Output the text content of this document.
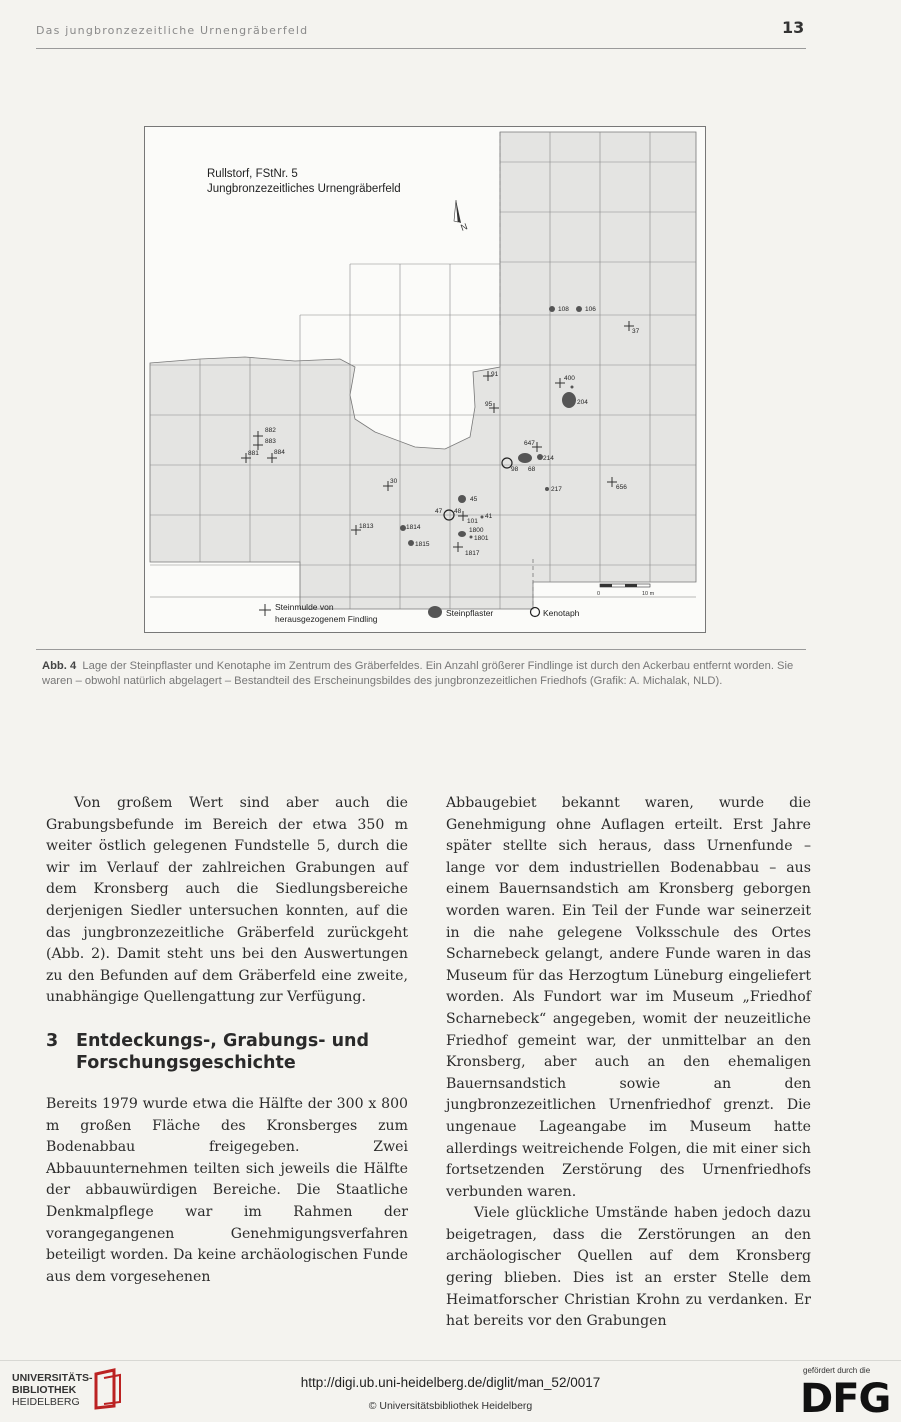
Das jungbronzezeitliche Urnengräberfeld	13
Rullstorf, FStNr. 5
Jungbronzezeitliches Urnengräberfeld
N
882
883
881 884
30
1813	1814
1815
45
47 48
101
41
1800
1801
1817
91
95
108 106
37
400
204
647
214
98 68
217	656
0	10 m
Steinmulde von
herausgezogenem Findling
Steinpflaster	Kenotaph
Abb. 4 Lage der Steinpflaster und Kenotaphe im Zentrum des Gräberfeldes. Ein Anzahl größerer Findlinge ist durch den Ackerbau entfernt worden. Sie waren – obwohl natürlich abgelagert – Bestandteil des Erscheinungsbildes des jungbronzezeitlichen Friedhofs (Grafik: A. Michalak, NLD).

Von großem Wert sind aber auch die Grabungsbefunde im Bereich der etwa 350 m weiter östlich gelegenen Fundstelle 5, durch die wir im Verlauf der zahlreichen Grabungen auf dem Kronsberg auch die Siedlungsbereiche derjenigen Siedler untersuchen konnten, auf die das jungbronzezeitliche Gräberfeld zurückgeht (Abb. 2). Damit steht uns bei den Auswertungen zu den Befunden auf dem Gräberfeld eine zweite, unabhängige Quellengattung zur Verfügung.

3 Entdeckungs-, Grabungs- und Forschungsgeschichte

Bereits 1979 wurde etwa die Hälfte der 300 x 800 m großen Fläche des Kronsberges zum Bodenabbau freigegeben. Zwei Abbauunternehmen teilten sich jeweils die Hälfte der abbauwürdigen Bereiche. Die Staatliche Denkmalpflege war im Rahmen der vorangegangenen Genehmigungsverfahren beteiligt worden. Da keine archäologischen Funde aus dem vorgesehenen

Abbaugebiet bekannt waren, wurde die Genehmigung ohne Auflagen erteilt. Erst Jahre später stellte sich heraus, dass Urnenfunde – lange vor dem industriellen Bodenabbau – aus einem Bauernsandstich am Kronsberg geborgen worden waren. Ein Teil der Funde war seinerzeit in die nahe gelegene Volksschule des Ortes Scharnebeck gelangt, andere Funde waren in das Museum für das Herzogtum Lüneburg eingeliefert worden. Als Fundort war im Museum „Friedhof Scharnebeck“ angegeben, womit der neuzeitliche Friedhof gemeint war, der unmittelbar an den Kronsberg, aber auch an den ehemaligen Bauernsandstich sowie an den jungbronzezeitlichen Urnenfriedhof grenzt. Die ungenaue Lageangabe im Museum hatte allerdings weitreichende Folgen, die mit einer sich fortsetzenden Zerstörung des Urnenfriedhofs verbunden waren.

Viele glückliche Umstände haben jedoch dazu beigetragen, dass die Zerstörungen an den archäologischer Quellen auf dem Kronsberg gering blieben. Dies ist an erster Stelle dem Heimatforscher Christian Krohn zu verdanken. Er hat bereits vor den Grabungen

UNIVERSITÄTS-
BIBLIOTHEK
HEIDELBERG
http://digi.ub.uni-heidelberg.de/diglit/man_52/0017
© Universitätsbibliothek Heidelberg
gefördert durch die
DFG
